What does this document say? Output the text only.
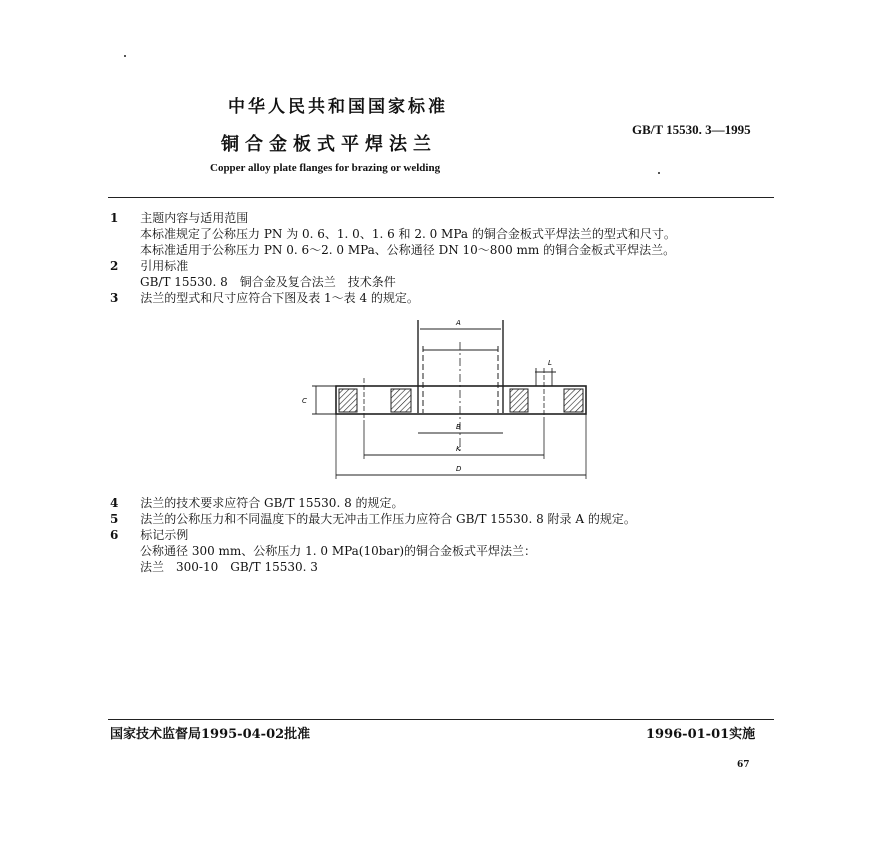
中华人民共和国国家标准
GB/T 15530. 3—1995
铜合金板式平焊法兰
Copper alloy plate flanges for brazing or welding
1 主题内容与适用范围
本标准规定了公称压力 PN 为 0. 6、1. 0、1. 6 和 2. 0 MPa 的铜合金板式平焊法兰的型式和尺寸。
本标准适用于公称压力 PN 0. 6～2. 0 MPa、公称通径 DN 10～800 mm 的铜合金板式平焊法兰。
2 引用标准
GB/T 15530. 8　铜合金及复合法兰　技术条件
3 法兰的型式和尺寸应符合下图及表 1～表 4 的规定。
A
L
C
B
K
D
4 法兰的技术要求应符合 GB/T 15530. 8 的规定。
5 法兰的公称压力和不同温度下的最大无冲击工作压力应符合 GB/T 15530. 8 附录 A 的规定。
6 标记示例
公称通径 300 mm、公称压力 1. 0 MPa(10bar)的铜合金板式平焊法兰：
法兰　300-10　GB/T 15530. 3
国家技术监督局1995-04-02批准	1996-01-01实施
67
